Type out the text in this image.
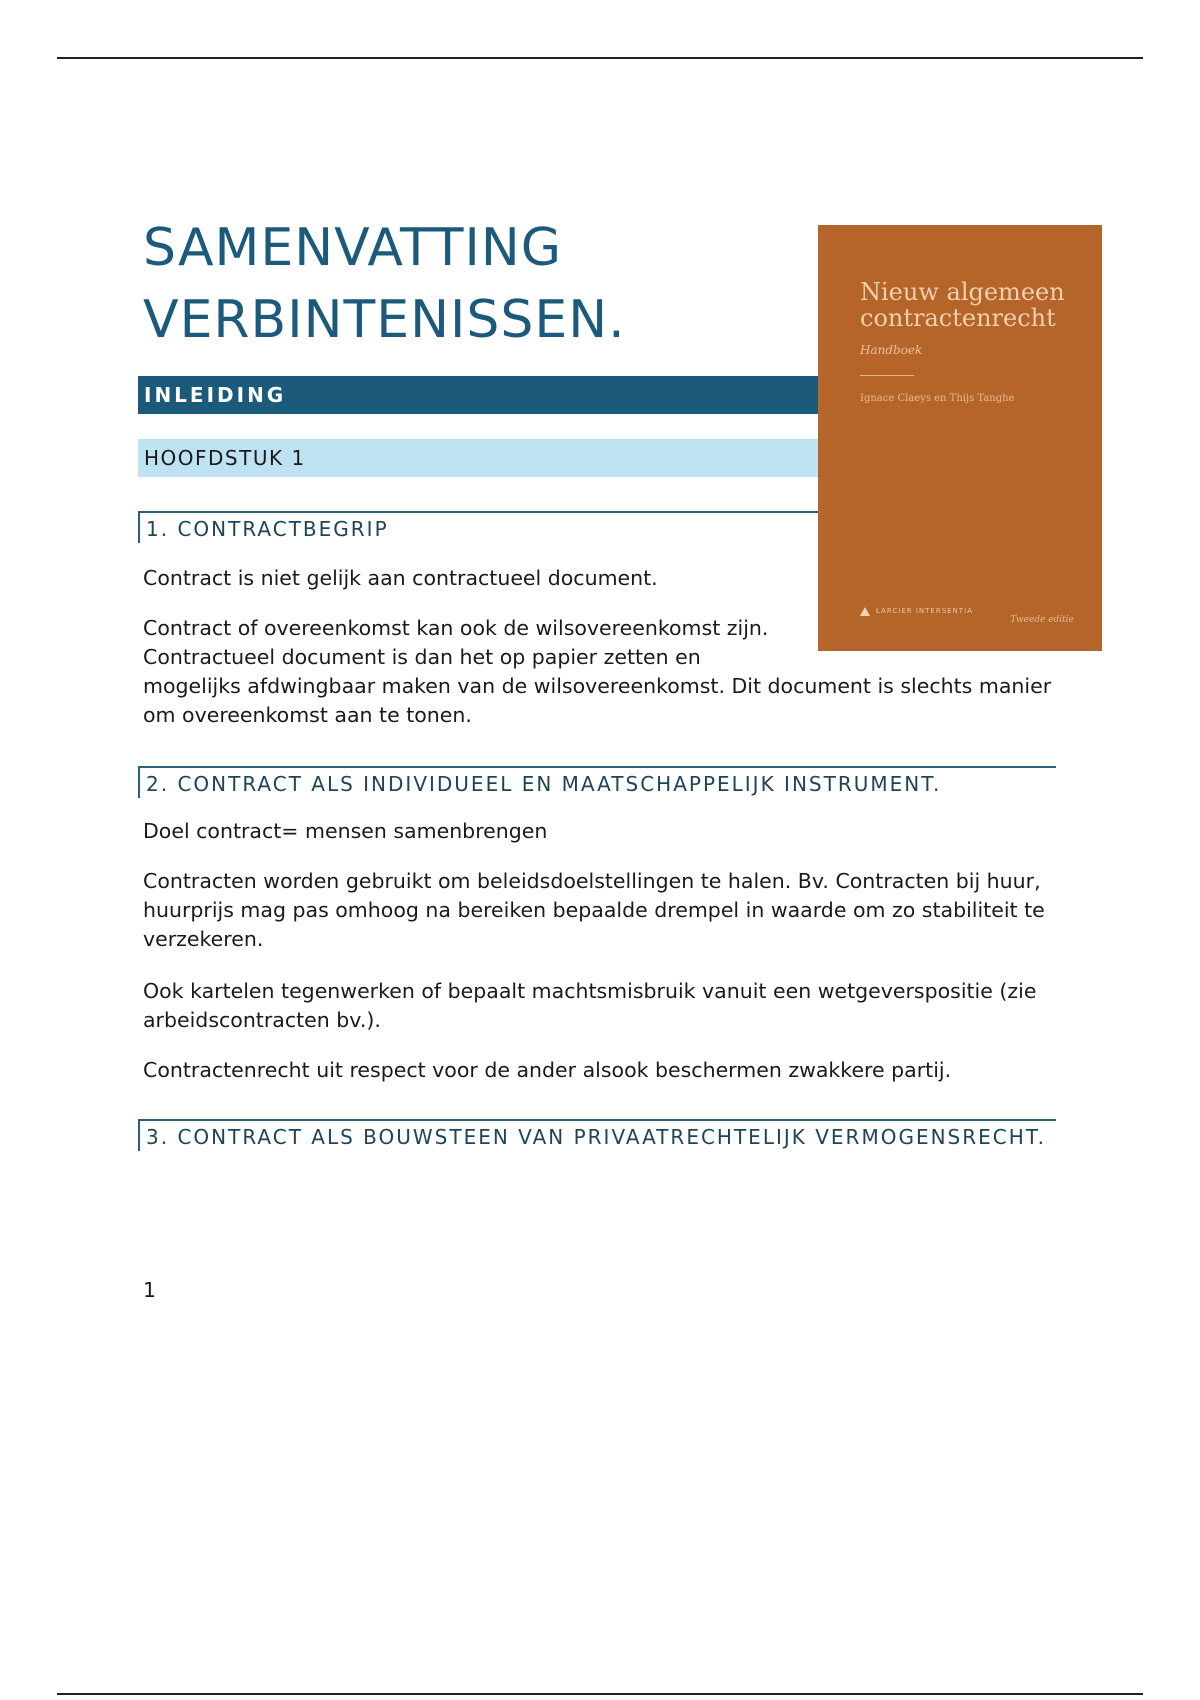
SAMENVATTING
VERBINTENISSEN.
INLEIDING
HOOFDSTUK 1
1. CONTRACTBEGRIP

Contract is niet gelijk aan contractueel document.

Contract of overeenkomst kan ook de wilsovereenkomst zijn. Contractueel document is dan het op papier zetten en mogelijks afdwingbaar maken van de wilsovereenkomst. Dit document is slechts manier om overeenkomst aan te tonen.

2. CONTRACT ALS INDIVIDUEEL EN MAATSCHAPPELIJK INSTRUMENT.

Doel contract= mensen samenbrengen

Contracten worden gebruikt om beleidsdoelstellingen te halen. Bv. Contracten bij huur, huurprijs mag pas omhoog na bereiken bepaalde drempel in waarde om zo stabiliteit te verzekeren.

Ook kartelen tegenwerken of bepaalt machtsmisbruik vanuit een wetgeverspositie (zie arbeidscontracten bv.).

Contractenrecht uit respect voor de ander alsook beschermen zwakkere partij.

3. CONTRACT ALS BOUWSTEEN VAN PRIVAATRECHTELIJK VERMOGENSRECHT.

1

Nieuw algemeen contractenrecht
Handboek
Ignace Claeys en Thijs Tanghe
LARCIER INTERSENTIA
Tweede editie
